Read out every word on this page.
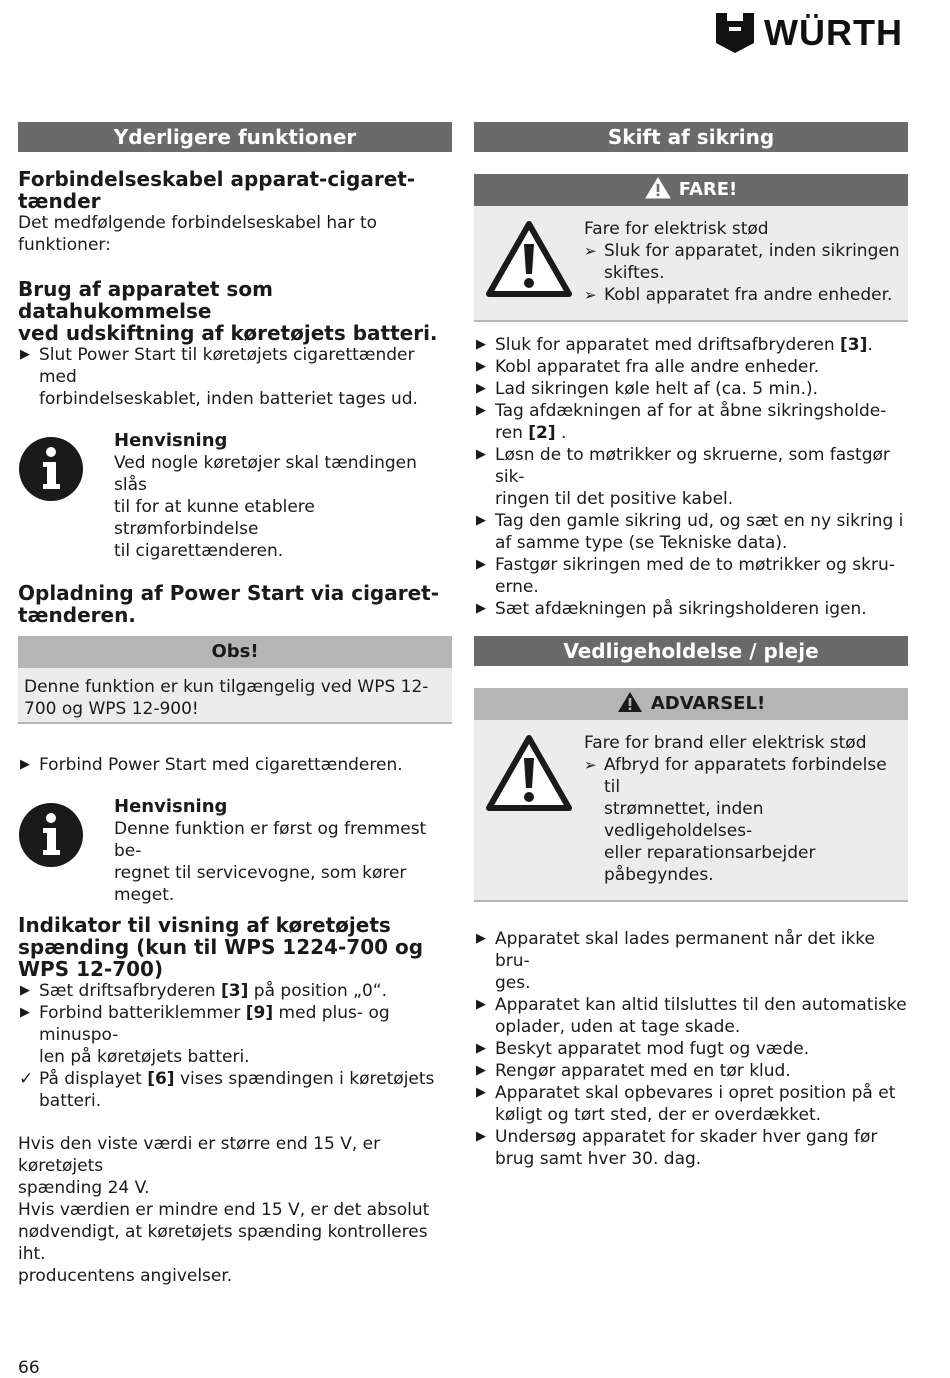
WÜRTH
Yderligere funktioner

Forbindelseskabel apparat-cigaret-

tænder

Det medfølgende forbindelseskabel har to

funktioner:

Brug af apparatet som datahukommelse

ved udskiftning af køretøjets batteri.

▶ Slut Power Start til køretøjets cigarettænder med
forbindelseskablet, inden batteriet tages ud.
Henvisning
Ved nogle køretøjer skal tændingen slås
til for at kunne etablere strømforbindelse
til cigarettænderen.

Opladning af Power Start via cigaret-

tænderen.

Obs!
Denne funktion er kun tilgængelig ved WPS 12-
700 og WPS 12-900!
▶ Forbind Power Start med cigarettænderen.
Henvisning
Denne funktion er først og fremmest be-
regnet til servicevogne, som kører meget.

Indikator til visning af køretøjets

spænding (kun til WPS 1224-700 og

WPS 12-700)

▶ Sæt driftsafbryderen [3] på position „0“.
▶ Forbind batteriklemmer [9] med plus- og minuspo-
len på køretøjets batteri.
✓ På displayet [6] vises spændingen i køretøjets
batteri.

Hvis den viste værdi er større end 15 V, er køretøjets

spænding 24 V.

Hvis værdien er mindre end 15 V, er det absolut

nødvendigt, at køretøjets spænding kontrolleres iht.

producentens angivelser.

Skift af sikring
FARE!
Fare for elektrisk stød
➢ Sluk for apparatet, inden sikringen
skiftes.
➢ Kobl apparatet fra andre enheder.
▶ Sluk for apparatet med driftsafbryderen [3].
▶ Kobl apparatet fra alle andre enheder.
▶ Lad sikringen køle helt af (ca. 5 min.).
▶ Tag afdækningen af for at åbne sikringsholde-
ren [2] .
▶ Løsn de to møtrikker og skruerne, som fastgør sik-
ringen til det positive kabel.
▶ Tag den gamle sikring ud, og sæt en ny sikring i
af samme type (se Tekniske data).
▶ Fastgør sikringen med de to møtrikker og skru-
erne.
▶ Sæt afdækningen på sikringsholderen igen.
Vedligeholdelse / pleje
ADVARSEL!
Fare for brand eller elektrisk stød
➢ Afbryd for apparatets forbindelse til
strømnettet, inden vedligeholdelses-
eller reparationsarbejder
påbegyndes.
▶ Apparatet skal lades permanent når det ikke bru-
ges.
▶ Apparatet kan altid tilsluttes til den automatiske
oplader, uden at tage skade.
▶ Beskyt apparatet mod fugt og væde.
▶ Rengør apparatet med en tør klud.
▶ Apparatet skal opbevares i opret position på et
køligt og tørt sted, der er overdækket.
▶ Undersøg apparatet for skader hver gang før
brug samt hver 30. dag.
66
